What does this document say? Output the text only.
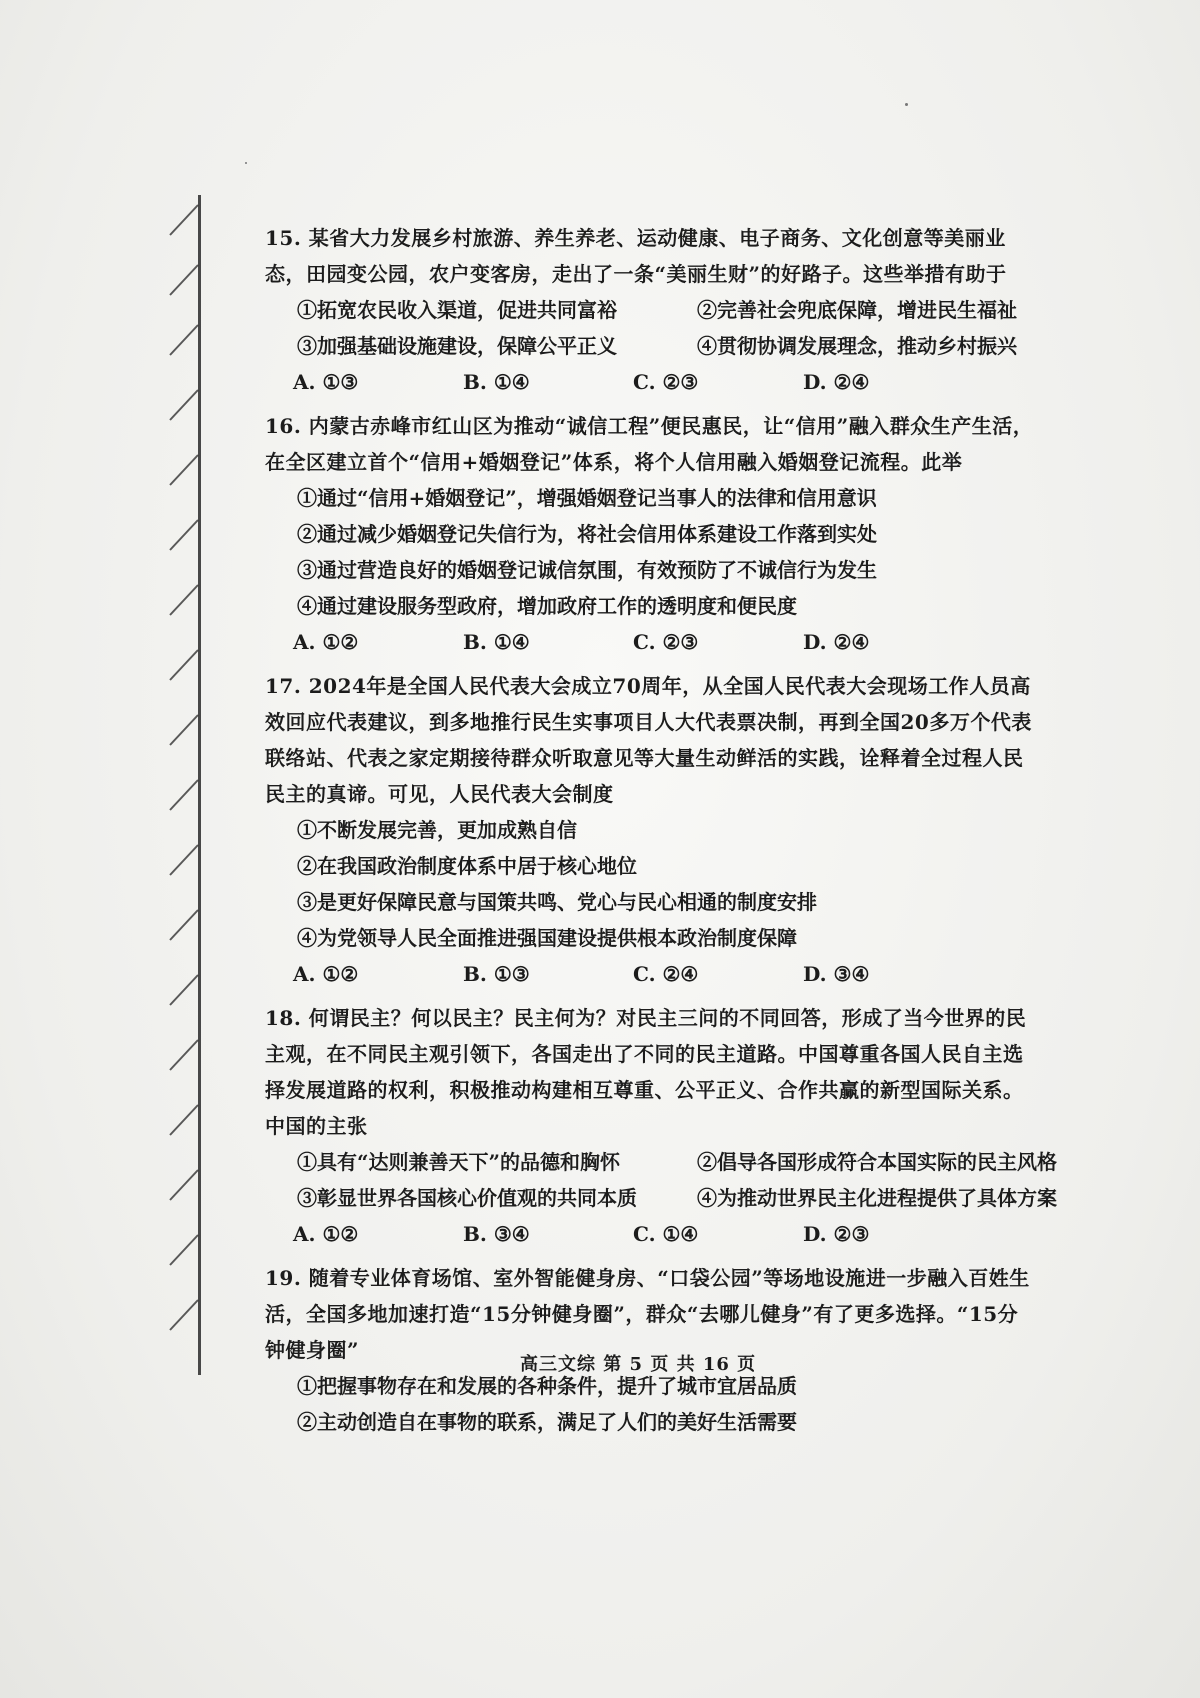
15. 某省大力发展乡村旅游、养生养老、运动健康、电子商务、文化创意等美丽业态，田园变公园，农户变客房，走出了一条“美丽生财”的好路子。这些举措有助于

①拓宽农民收入渠道，促进共同富裕	②完善社会兜底保障，增进民生福祉

③加强基础设施建设，保障公平正义	④贯彻协调发展理念，推动乡村振兴

A. ①③	B. ①④	C. ②③	D. ②④

16. 内蒙古赤峰市红山区为推动“诚信工程”便民惠民，让“信用”融入群众生产生活，在全区建立首个“信用+婚姻登记”体系，将个人信用融入婚姻登记流程。此举

①通过“信用+婚姻登记”，增强婚姻登记当事人的法律和信用意识

②通过减少婚姻登记失信行为，将社会信用体系建设工作落到实处

③通过营造良好的婚姻登记诚信氛围，有效预防了不诚信行为发生

④通过建设服务型政府，增加政府工作的透明度和便民度

A. ①②	B. ①④	C. ②③	D. ②④

17. 2024年是全国人民代表大会成立70周年，从全国人民代表大会现场工作人员高效回应代表建议，到多地推行民生实事项目人大代表票决制，再到全国20多万个代表联络站、代表之家定期接待群众听取意见等大量生动鲜活的实践，诠释着全过程人民民主的真谛。可见，人民代表大会制度

①不断发展完善，更加成熟自信

②在我国政治制度体系中居于核心地位

③是更好保障民意与国策共鸣、党心与民心相通的制度安排

④为党领导人民全面推进强国建设提供根本政治制度保障

A. ①②	B. ①③	C. ②④	D. ③④

18. 何谓民主？何以民主？民主何为？对民主三问的不同回答，形成了当今世界的民主观，在不同民主观引领下，各国走出了不同的民主道路。中国尊重各国人民自主选择发展道路的权利，积极推动构建相互尊重、公平正义、合作共赢的新型国际关系。中国的主张

①具有“达则兼善天下”的品德和胸怀	②倡导各国形成符合本国实际的民主风格

③彰显世界各国核心价值观的共同本质	④为推动世界民主化进程提供了具体方案

A. ①②	B. ③④	C. ①④	D. ②③

19. 随着专业体育场馆、室外智能健身房、“口袋公园”等场地设施进一步融入百姓生活，全国多地加速打造“15分钟健身圈”，群众“去哪儿健身”有了更多选择。“15分钟健身圈”

①把握事物存在和发展的各种条件，提升了城市宜居品质

②主动创造自在事物的联系，满足了人们的美好生活需要

高三文综 第 5 页 共 16 页
